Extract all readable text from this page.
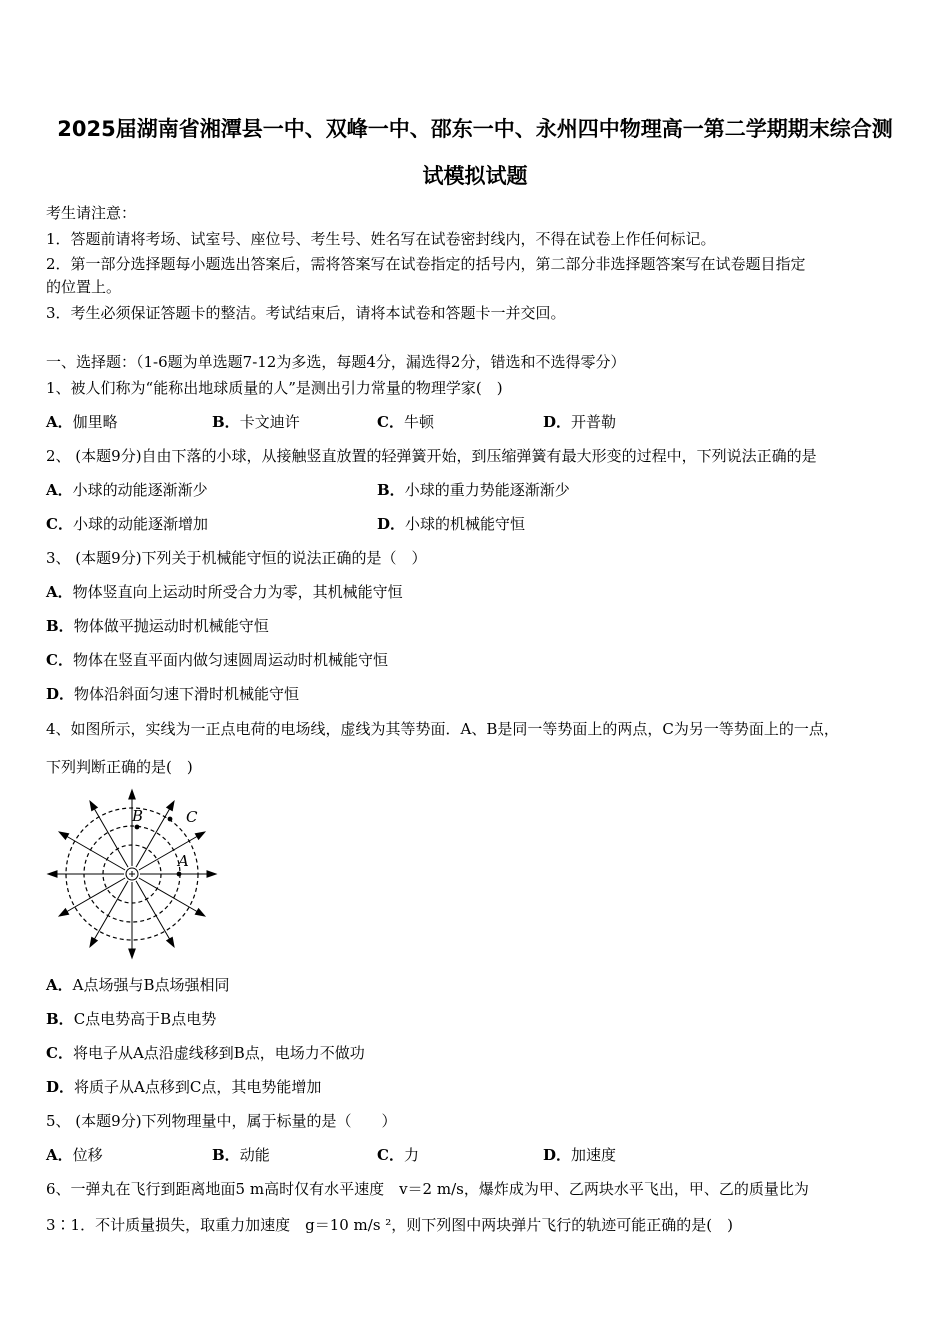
2025届湖南省湘潭县一中、双峰一中、邵东一中、永州四中物理高一第二学期期末综合测
试模拟试题
考生请注意：
1．答题前请将考场、试室号、座位号、考生号、姓名写在试卷密封线内，不得在试卷上作任何标记。
2．第一部分选择题每小题选出答案后，需将答案写在试卷指定的括号内，第二部分非选择题答案写在试卷题目指定
的位置上。
3．考生必须保证答题卡的整洁。考试结束后，请将本试卷和答题卡一并交回。
一、选择题：（1-6题为单选题7-12为多选，每题4分，漏选得2分，错选和不选得零分）
1、被人们称为“能称出地球质量的人”是测出引力常量的物理学家(　)
A．伽里略	B．卡文迪许	C．牛顿	D．开普勒
2、 (本题9分)自由下落的小球，从接触竖直放置的轻弹簧开始，到压缩弹簧有最大形变的过程中，下列说法正确的是
A．小球的动能逐渐渐少	B．小球的重力势能逐渐渐少
C．小球的动能逐渐增加	D．小球的机械能守恒
3、 (本题9分)下列关于机械能守恒的说法正确的是（　）
A．物体竖直向上运动时所受合力为零，其机械能守恒
B．物体做平抛运动时机械能守恒
C．物体在竖直平面内做匀速圆周运动时机械能守恒
D．物体沿斜面匀速下滑时机械能守恒
4、如图所示，实线为一正点电荷的电场线，虚线为其等势面．A、B是同一等势面上的两点，C为另一等势面上的一点，
下列判断正确的是(　)
B	C
A
A．A点场强与B点场强相同
B．C点电势高于B点电势
C．将电子从A点沿虚线移到B点，电场力不做功
D．将质子从A点移到C点，其电势能增加
5、 (本题9分)下列物理量中，属于标量的是（　　）
A．位移	B．动能	C．力	D．加速度
6、一弹丸在飞行到距离地面5 m高时仅有水平速度　v＝2 m/s，爆炸成为甲、乙两块水平飞出，甲、乙的质量比为
3∶1．不计质量损失，取重力加速度　g＝10 m/s ²，则下列图中两块弹片飞行的轨迹可能正确的是(　)
